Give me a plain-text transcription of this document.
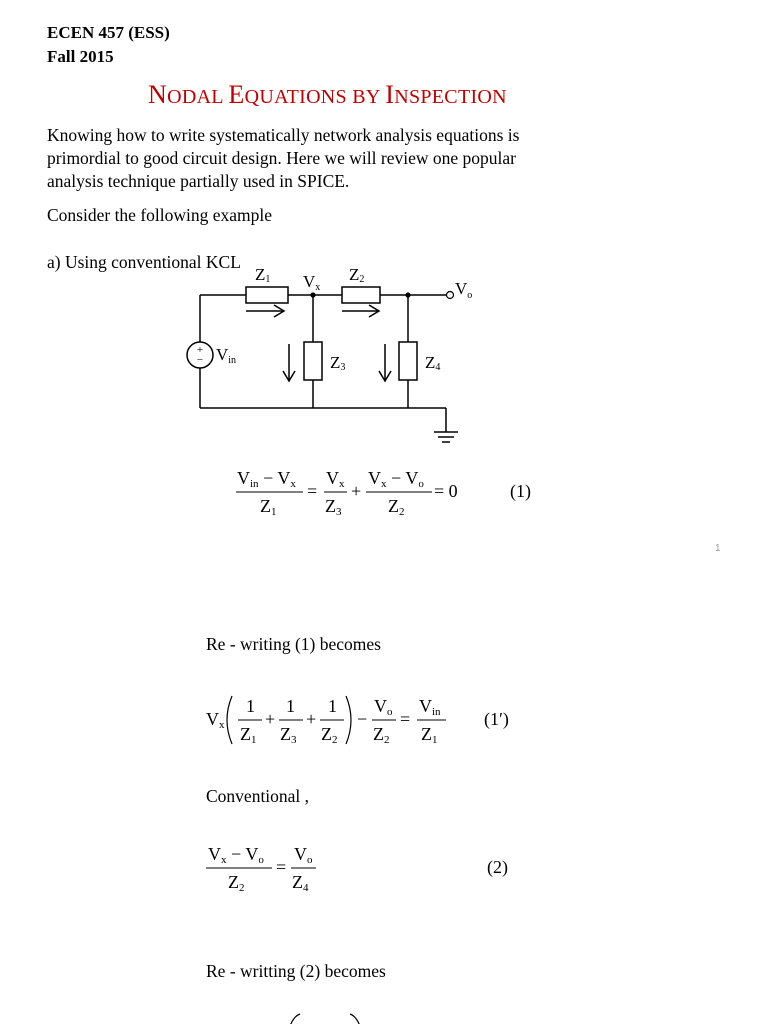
ECEN 457 (ESS)
Fall 2015
NODAL EQUATIONS BY INSPECTION
Knowing how to write systematically network analysis equations is
primordial to good circuit design. Here we will review one popular
analysis technique partially used in SPICE.
Consider the following example
a) Using conventional KCL
+
−
Z1	Z2
Vx	$V_o$
Vin	Z3	Z4
Vin − Vx
Z1
=
Vx
Z3
+
Vx − Vo
Z2
= 0	(1)
1
Re - writing (1) becomes
Vx
1
Z1
+
1
Z3
+
1
Z2
−
Vo
Z2
=
Vin
Z1
(1′)
Conventional ,
Vx − Vo
Z2
=
Vo
Z4
(2)
Re - writting (2) becomes
